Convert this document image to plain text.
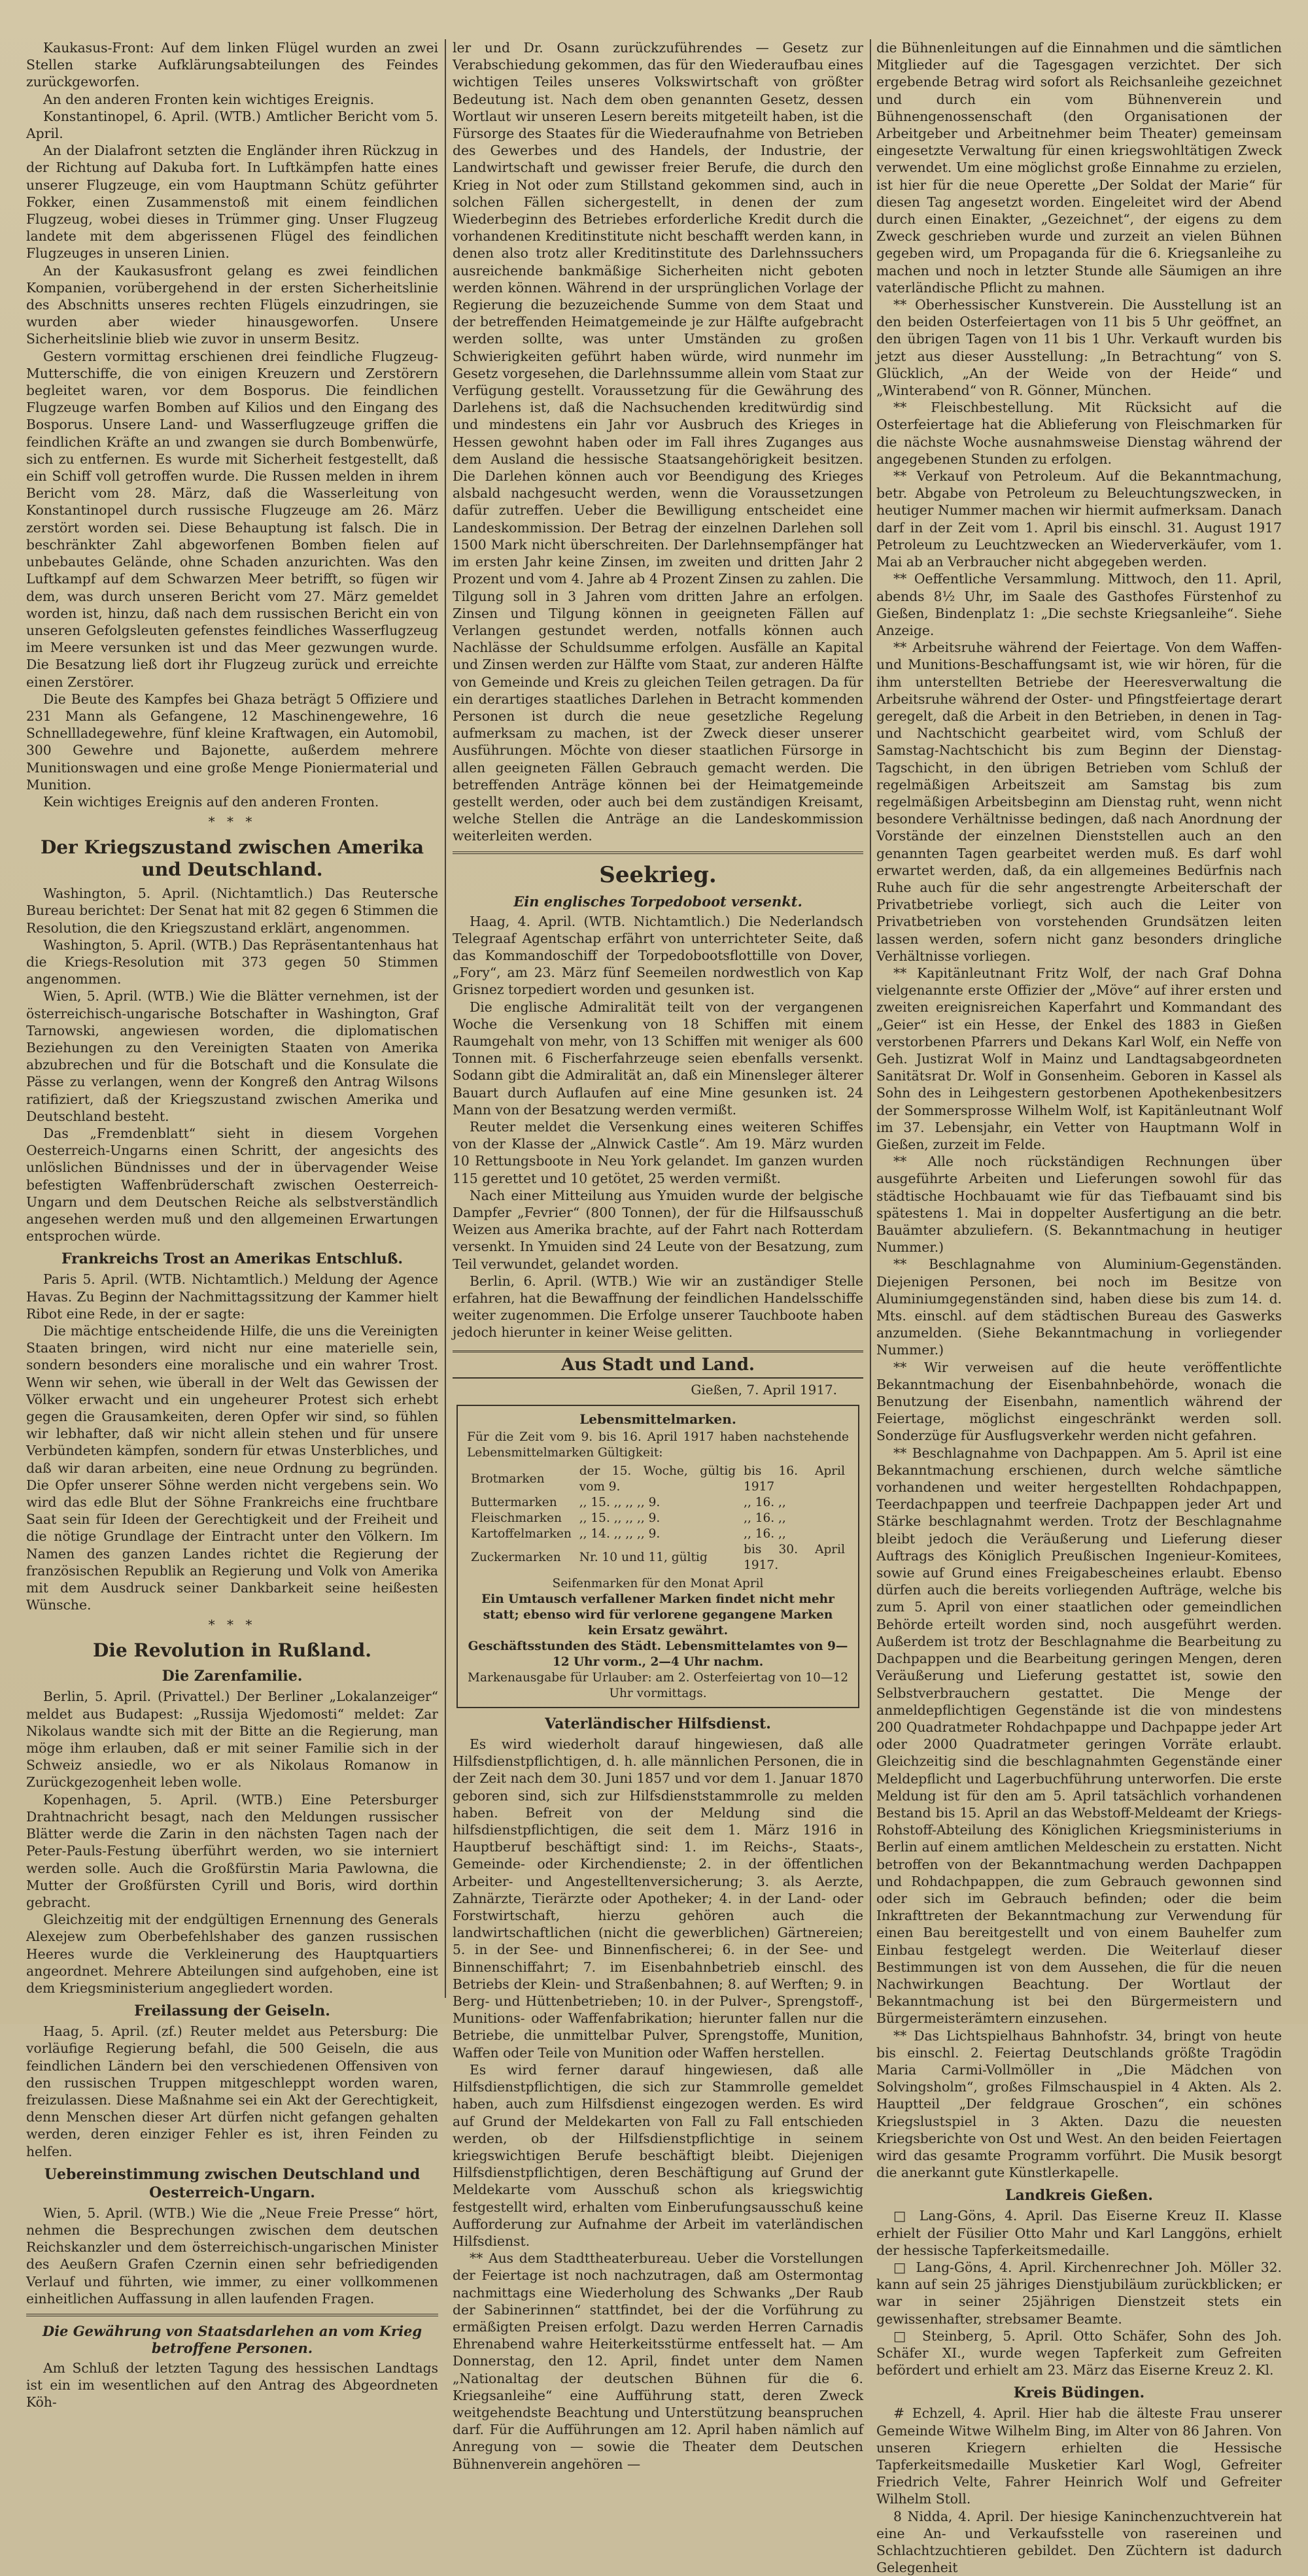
Kaukasus-Front: Auf dem linken Flügel wurden an zwei Stellen starke Aufklärungsabteilungen des Feindes zurückgeworfen.

An den anderen Fronten kein wichtiges Ereignis.

Konstantinopel, 6. April. (WTB.) Amtlicher Bericht vom 5. April.

An der Dialafront setzten die Engländer ihren Rückzug in der Richtung auf Dakuba fort. In Luftkämpfen hatte eines unserer Flugzeuge, ein vom Hauptmann Schütz geführter Fokker, einen Zusammenstoß mit einem feindlichen Flugzeug, wobei dieses in Trümmer ging. Unser Flugzeug landete mit dem abgerissenen Flügel des feindlichen Flugzeuges in unseren Linien.

An der Kaukasusfront gelang es zwei feindlichen Kompanien, vorübergehend in der ersten Sicherheitslinie des Abschnitts unseres rechten Flügels einzudringen, sie wurden aber wieder hinausgeworfen. Unsere Sicherheitslinie blieb wie zuvor in unserm Besitz.

Gestern vormittag erschienen drei feindliche Flugzeug-Mutterschiffe, die von einigen Kreuzern und Zerstörern begleitet waren, vor dem Bosporus. Die feindlichen Flugzeuge warfen Bomben auf Kilios und den Eingang des Bosporus. Unsere Land- und Wasserflugzeuge griffen die feindlichen Kräfte an und zwangen sie durch Bombenwürfe, sich zu entfernen. Es wurde mit Sicherheit festgestellt, daß ein Schiff voll getroffen wurde. Die Russen melden in ihrem Bericht vom 28. März, daß die Wasserleitung von Konstantinopel durch russische Flugzeuge am 26. März zerstört worden sei. Diese Behauptung ist falsch. Die in beschränkter Zahl abgeworfenen Bomben fielen auf unbebautes Gelände, ohne Schaden anzurichten. Was den Luftkampf auf dem Schwarzen Meer betrifft, so fügen wir dem, was durch unseren Bericht vom 27. März gemeldet worden ist, hinzu, daß nach dem russischen Bericht ein von unseren Gefolgsleuten gefenstes feindliches Wasserflugzeug im Meere versunken ist und das Meer gezwungen wurde. Die Besatzung ließ dort ihr Flugzeug zurück und erreichte einen Zerstörer.

Die Beute des Kampfes bei Ghaza beträgt 5 Offiziere und 231 Mann als Gefangene, 12 Maschinengewehre, 16 Schnellladegewehre, fünf kleine Kraftwagen, ein Automobil, 300 Gewehre und Bajonette, außerdem mehrere Munitionswagen und eine große Menge Pioniermaterial und Munition.

Kein wichtiges Ereignis auf den anderen Fronten.

* * *
Der Kriegszustand zwischen Amerika und Deutschland.

Washington, 5. April. (Nichtamtlich.) Das Reutersche Bureau berichtet: Der Senat hat mit 82 gegen 6 Stimmen die Resolution, die den Kriegszustand erklärt, angenommen.

Washington, 5. April. (WTB.) Das Repräsentantenhaus hat die Kriegs-Resolution mit 373 gegen 50 Stimmen angenommen.

Wien, 5. April. (WTB.) Wie die Blätter vernehmen, ist der österreichisch-ungarische Botschafter in Washington, Graf Tarnowski, angewiesen worden, die diplomatischen Beziehungen zu den Vereinigten Staaten von Amerika abzubrechen und für die Botschaft und die Konsulate die Pässe zu verlangen, wenn der Kongreß den Antrag Wilsons ratifiziert, daß der Kriegszustand zwischen Amerika und Deutschland besteht.

Das „Fremdenblatt“ sieht in diesem Vorgehen Oesterreich-Ungarns einen Schritt, der angesichts des unlöslichen Bündnisses und der in übervagender Weise befestigten Waffenbrüderschaft zwischen Oesterreich-Ungarn und dem Deutschen Reiche als selbstverständlich angesehen werden muß und den allgemeinen Erwartungen entsprochen würde.

Frankreichs Trost an Amerikas Entschluß.

Paris 5. April. (WTB. Nichtamtlich.) Meldung der Agence Havas. Zu Beginn der Nachmittagssitzung der Kammer hielt Ribot eine Rede, in der er sagte:

Die mächtige entscheidende Hilfe, die uns die Vereinigten Staaten bringen, wird nicht nur eine materielle sein, sondern besonders eine moralische und ein wahrer Trost. Wenn wir sehen, wie überall in der Welt das Gewissen der Völker erwacht und ein ungeheurer Protest sich erhebt gegen die Grausamkeiten, deren Opfer wir sind, so fühlen wir lebhafter, daß wir nicht allein stehen und für unsere Verbündeten kämpfen, sondern für etwas Unsterbliches, und daß wir daran arbeiten, eine neue Ordnung zu begründen. Die Opfer unserer Söhne werden nicht vergebens sein. Wo wird das edle Blut der Söhne Frankreichs eine fruchtbare Saat sein für Ideen der Gerechtigkeit und der Freiheit und die nötige Grundlage der Eintracht unter den Völkern. Im Namen des ganzen Landes richtet die Regierung der französischen Republik an Regierung und Volk von Amerika mit dem Ausdruck seiner Dankbarkeit seine heißesten Wünsche.

* * *
Die Revolution in Rußland.
Die Zarenfamilie.

Berlin, 5. April. (Privattel.) Der Berliner „Lokalanzeiger“ meldet aus Budapest: „Russija Wjedomosti“ meldet: Zar Nikolaus wandte sich mit der Bitte an die Regierung, man möge ihm erlauben, daß er mit seiner Familie sich in der Schweiz ansiedle, wo er als Nikolaus Romanow in Zurückgezogenheit leben wolle.

Kopenhagen, 5. April. (WTB.) Eine Petersburger Drahtnachricht besagt, nach den Meldungen russischer Blätter werde die Zarin in den nächsten Tagen nach der Peter-Pauls-Festung überführt werden, wo sie interniert werden solle. Auch die Großfürstin Maria Pawlowna, die Mutter der Großfürsten Cyrill und Boris, wird dorthin gebracht.

Gleichzeitig mit der endgültigen Ernennung des Generals Alexejew zum Oberbefehlshaber des ganzen russischen Heeres wurde die Verkleinerung des Hauptquartiers angeordnet. Mehrere Abteilungen sind aufgehoben, eine ist dem Kriegsministerium angegliedert worden.

Freilassung der Geiseln.

Haag, 5. April. (zf.) Reuter meldet aus Petersburg: Die vorläufige Regierung befahl, die 500 Geiseln, die aus feindlichen Ländern bei den verschiedenen Offensiven von den russischen Truppen mitgeschleppt worden waren, freizulassen. Diese Maßnahme sei ein Akt der Gerechtigkeit, denn Menschen dieser Art dürfen nicht gefangen gehalten werden, deren einziger Fehler es ist, ihren Feinden zu helfen.

Uebereinstimmung zwischen Deutschland und Oesterreich-Ungarn.

Wien, 5. April. (WTB.) Wie die „Neue Freie Presse“ hört, nehmen die Besprechungen zwischen dem deutschen Reichskanzler und dem österreichisch-ungarischen Minister des Aeußern Grafen Czernin einen sehr befriedigenden Verlauf und führten, wie immer, zu einer vollkommenen einheitlichen Auffassung in allen laufenden Fragen.

Die Gewährung von Staatsdarlehen an vom Krieg betroffene Personen.

Am Schluß der letzten Tagung des hessischen Landtags ist ein im wesentlichen auf den Antrag des Abgeordneten Köh-

ler und Dr. Osann zurückzuführendes — Gesetz zur Verabschiedung gekommen, das für den Wiederaufbau eines wichtigen Teiles unseres Volkswirtschaft von größter Bedeutung ist. Nach dem oben genannten Gesetz, dessen Wortlaut wir unseren Lesern bereits mitgeteilt haben, ist die Fürsorge des Staates für die Wiederaufnahme von Betrieben des Gewerbes und des Handels, der Industrie, der Landwirtschaft und gewisser freier Berufe, die durch den Krieg in Not oder zum Stillstand gekommen sind, auch in solchen Fällen sichergestellt, in denen der zum Wiederbeginn des Betriebes erforderliche Kredit durch die vorhandenen Kreditinstitute nicht beschafft werden kann, in denen also trotz aller Kreditinstitute des Darlehnssuchers ausreichende bankmäßige Sicherheiten nicht geboten werden können. Während in der ursprünglichen Vorlage der Regierung die bezuzeichende Summe von dem Staat und der betreffenden Heimatgemeinde je zur Hälfte aufgebracht werden sollte, was unter Umständen zu großen Schwierigkeiten geführt haben würde, wird nunmehr im Gesetz vorgesehen, die Darlehnssumme allein vom Staat zur Verfügung gestellt. Voraussetzung für die Gewährung des Darlehens ist, daß die Nachsuchenden kreditwürdig sind und mindestens ein Jahr vor Ausbruch des Krieges in Hessen gewohnt haben oder im Fall ihres Zuganges aus dem Ausland die hessische Staatsangehörigkeit besitzen. Die Darlehen können auch vor Beendigung des Krieges alsbald nachgesucht werden, wenn die Voraussetzungen dafür zutreffen. Ueber die Bewilligung entscheidet eine Landeskommission. Der Betrag der einzelnen Darlehen soll 1500 Mark nicht überschreiten. Der Darlehnsempfänger hat im ersten Jahr keine Zinsen, im zweiten und dritten Jahr 2 Prozent und vom 4. Jahre ab 4 Prozent Zinsen zu zahlen. Die Tilgung soll in 3 Jahren vom dritten Jahre an erfolgen. Zinsen und Tilgung können in geeigneten Fällen auf Verlangen gestundet werden, notfalls können auch Nachlässe der Schuldsumme erfolgen. Ausfälle an Kapital und Zinsen werden zur Hälfte vom Staat, zur anderen Hälfte von Gemeinde und Kreis zu gleichen Teilen getragen. Da für ein derartiges staatliches Darlehen in Betracht kommenden Personen ist durch die neue gesetzliche Regelung aufmerksam zu machen, ist der Zweck dieser unserer Ausführungen. Möchte von dieser staatlichen Fürsorge in allen geeigneten Fällen Gebrauch gemacht werden. Die betreffenden Anträge können bei der Heimatgemeinde gestellt werden, oder auch bei dem zuständigen Kreisamt, welche Stellen die Anträge an die Landeskommission weiterleiten werden.

Seekrieg.
Ein englisches Torpedoboot versenkt.

Haag, 4. April. (WTB. Nichtamtlich.) Die Nederlandsch Telegraaf Agentschap erfährt von unterrichteter Seite, daß das Kommandoschiff der Torpedobootsflottille von Dover, „Fory“, am 23. März fünf Seemeilen nordwestlich von Kap Grisnez torpediert worden und gesunken ist.

Die englische Admiralität teilt von der vergangenen Woche die Versenkung von 18 Schiffen mit einem Raumgehalt von mehr, von 13 Schiffen mit weniger als 600 Tonnen mit. 6 Fischerfahrzeuge seien ebenfalls versenkt. Sodann gibt die Admiralität an, daß ein Minensleger älterer Bauart durch Auflaufen auf eine Mine gesunken ist. 24 Mann von der Besatzung werden vermißt.

Reuter meldet die Versenkung eines weiteren Schiffes von der Klasse der „Alnwick Castle“. Am 19. März wurden 10 Rettungsboote in Neu York gelandet. Im ganzen wurden 115 gerettet und 10 getötet, 25 werden vermißt.

Nach einer Mitteilung aus Ymuiden wurde der belgische Dampfer „Fevrier“ (800 Tonnen), der für die Hilfsausschuß Weizen aus Amerika brachte, auf der Fahrt nach Rotterdam versenkt. In Ymuiden sind 24 Leute von der Besatzung, zum Teil verwundet, gelandet worden.

Berlin, 6. April. (WTB.) Wie wir an zuständiger Stelle erfahren, hat die Bewaffnung der feindlichen Handelsschiffe weiter zugenommen. Die Erfolge unserer Tauchboote haben jedoch hierunter in keiner Weise gelitten.

Aus Stadt und Land.
Gießen, 7. April 1917.
Lebensmittelmarken.
Für die Zeit vom 9. bis 16. April 1917 haben nachstehende Lebensmittelmarken Gültigkeit:
Brotmarken	der 15. Woche, gültig vom 9.	bis 16. April 1917
Buttermarken	,, 15. ,, ,, ,, 9.	,, 16. ,,
Fleischmarken	,, 15. ,, ,, ,, 9.	,, 16. ,,
Kartoffelmarken	,, 14. ,, ,, ,, 9.	,, 16. ,,
Zuckermarken	Nr. 10 und 11, gültig	bis 30. April 1917.
Seifenmarken für den Monat April
Ein Umtausch verfallener Marken findet nicht mehr statt; ebenso wird für verlorene gegangene Marken kein Ersatz gewährt.
Geschäftsstunden des Städt. Lebensmittelamtes von 9—12 Uhr vorm., 2—4 Uhr nachm.
Markenausgabe für Urlauber: am 2. Osterfeiertag von 10—12 Uhr vormittags.
Vaterländischer Hilfsdienst.

Es wird wiederholt darauf hingewiesen, daß alle Hilfsdienstpflichtigen, d. h. alle männlichen Personen, die in der Zeit nach dem 30. Juni 1857 und vor dem 1. Januar 1870 geboren sind, sich zur Hilfsdienststammrolle zu melden haben. Befreit von der Meldung sind die hilfsdienstpflichtigen, die seit dem 1. März 1916 in Hauptberuf beschäftigt sind: 1. im Reichs-, Staats-, Gemeinde- oder Kirchendienste; 2. in der öffentlichen Arbeiter- und Angestelltenversicherung; 3. als Aerzte, Zahnärzte, Tierärzte oder Apotheker; 4. in der Land- oder Forstwirtschaft, hierzu gehören auch die landwirtschaftlichen (nicht die gewerblichen) Gärtnereien; 5. in der See- und Binnenfischerei; 6. in der See- und Binnenschiffahrt; 7. im Eisenbahnbetrieb einschl. des Betriebs der Klein- und Straßenbahnen; 8. auf Werften; 9. in Berg- und Hüttenbetrieben; 10. in der Pulver-, Sprengstoff-, Munitions- oder Waffenfabrikation; hierunter fallen nur die Betriebe, die unmittelbar Pulver, Sprengstoffe, Munition, Waffen oder Teile von Munition oder Waffen herstellen.

Es wird ferner darauf hingewiesen, daß alle Hilfsdienstpflichtigen, die sich zur Stammrolle gemeldet haben, auch zum Hilfsdienst eingezogen werden. Es wird auf Grund der Meldekarten von Fall zu Fall entschieden werden, ob der Hilfsdienstpflichtige in seinem kriegswichtigen Berufe beschäftigt bleibt. Diejenigen Hilfsdienstpflichtigen, deren Beschäftigung auf Grund der Meldekarte vom Ausschuß schon als kriegswichtig festgestellt wird, erhalten vom Einberufungsausschuß keine Aufforderung zur Aufnahme der Arbeit im vaterländischen Hilfsdienst.

** Aus dem Stadttheaterbureau. Ueber die Vorstellungen der Feiertage ist noch nachzutragen, daß am Ostermontag nachmittags eine Wiederholung des Schwanks „Der Raub der Sabinerinnen“ stattfindet, bei der die Vorführung zu ermäßigten Preisen erfolgt. Dazu werden Herren Carnadis Ehrenabend wahre Heiterkeitsstürme entfesselt hat. — Am Donnerstag, den 12. April, findet unter dem Namen „Nationaltag der deutschen Bühnen für die 6. Kriegsanleihe“ eine Aufführung statt, deren Zweck weitgehendste Beachtung und Unterstützung beanspruchen darf. Für die Aufführungen am 12. April haben nämlich auf Anregung von — sowie die Theater dem Deutschen Bühnenverein angehören —

die Bühnenleitungen auf die Einnahmen und die sämtlichen Mitglieder auf die Tagesgagen verzichtet. Der sich ergebende Betrag wird sofort als Reichsanleihe gezeichnet und durch ein vom Bühnenverein und Bühnengenossenschaft (den Organisationen der Arbeitgeber und Arbeitnehmer beim Theater) gemeinsam eingesetzte Verwaltung für einen kriegswohltätigen Zweck verwendet. Um eine möglichst große Einnahme zu erzielen, ist hier für die neue Operette „Der Soldat der Marie“ für diesen Tag angesetzt worden. Eingeleitet wird der Abend durch einen Einakter, „Gezeichnet“, der eigens zu dem Zweck geschrieben wurde und zurzeit an vielen Bühnen gegeben wird, um Propaganda für die 6. Kriegsanleihe zu machen und noch in letzter Stunde alle Säumigen an ihre vaterländische Pflicht zu mahnen.

** Oberhessischer Kunstverein. Die Ausstellung ist an den beiden Osterfeiertagen von 11 bis 5 Uhr geöffnet, an den übrigen Tagen von 11 bis 1 Uhr. Verkauft wurden bis jetzt aus dieser Ausstellung: „In Betrachtung“ von S. Glücklich, „An der Weide von der Heide“ und „Winterabend“ von R. Gönner, München.

** Fleischbestellung. Mit Rücksicht auf die Osterfeiertage hat die Ablieferung von Fleischmarken für die nächste Woche ausnahmsweise Dienstag während der angegebenen Stunden zu erfolgen.

** Verkauf von Petroleum. Auf die Bekanntmachung, betr. Abgabe von Petroleum zu Beleuchtungszwecken, in heutiger Nummer machen wir hiermit aufmerksam. Danach darf in der Zeit vom 1. April bis einschl. 31. August 1917 Petroleum zu Leuchtzwecken an Wiederverkäufer, vom 1. Mai ab an Verbraucher nicht abgegeben werden.

** Oeffentliche Versammlung. Mittwoch, den 11. April, abends 8½ Uhr, im Saale des Gasthofes Fürstenhof zu Gießen, Bindenplatz 1: „Die sechste Kriegsanleihe“. Siehe Anzeige.

** Arbeitsruhe während der Feiertage. Von dem Waffen- und Munitions-Beschaffungsamt ist, wie wir hören, für die ihm unterstellten Betriebe der Heeresverwaltung die Arbeitsruhe während der Oster- und Pfingstfeiertage derart geregelt, daß die Arbeit in den Betrieben, in denen in Tag- und Nachtschicht gearbeitet wird, vom Schluß der Samstag-Nachtschicht bis zum Beginn der Dienstag-Tagschicht, in den übrigen Betrieben vom Schluß der regelmäßigen Arbeitszeit am Samstag bis zum regelmäßigen Arbeitsbeginn am Dienstag ruht, wenn nicht besondere Verhältnisse bedingen, daß nach Anordnung der Vorstände der einzelnen Dienststellen auch an den genannten Tagen gearbeitet werden muß. Es darf wohl erwartet werden, daß, da ein allgemeines Bedürfnis nach Ruhe auch für die sehr angestrengte Arbeiterschaft der Privatbetriebe vorliegt, sich auch die Leiter von Privatbetrieben von vorstehenden Grundsätzen leiten lassen werden, sofern nicht ganz besonders dringliche Verhältnisse vorliegen.

** Kapitänleutnant Fritz Wolf, der nach Graf Dohna vielgenannte erste Offizier der „Möve“ auf ihrer ersten und zweiten ereignisreichen Kaperfahrt und Kommandant des „Geier“ ist ein Hesse, der Enkel des 1883 in Gießen verstorbenen Pfarrers und Dekans Karl Wolf, ein Neffe von Geh. Justizrat Wolf in Mainz und Landtagsabgeordneten Sanitätsrat Dr. Wolf in Gonsenheim. Geboren in Kassel als Sohn des in Leihgestern gestorbenen Apothekenbesitzers der Sommersprosse Wilhelm Wolf, ist Kapitänleutnant Wolf im 37. Lebensjahr, ein Vetter von Hauptmann Wolf in Gießen, zurzeit im Felde.

** Alle noch rückständigen Rechnungen über ausgeführte Arbeiten und Lieferungen sowohl für das städtische Hochbauamt wie für das Tiefbauamt sind bis spätestens 1. Mai in doppelter Ausfertigung an die betr. Bauämter abzuliefern. (S. Bekanntmachung in heutiger Nummer.)

** Beschlagnahme von Aluminium-Gegenständen. Diejenigen Personen, bei noch im Besitze von Aluminiumgegenständen sind, haben diese bis zum 14. d. Mts. einschl. auf dem städtischen Bureau des Gaswerks anzumelden. (Siehe Bekanntmachung in vorliegender Nummer.)

** Wir verweisen auf die heute veröffentlichte Bekanntmachung der Eisenbahnbehörde, wonach die Benutzung der Eisenbahn, namentlich während der Feiertage, möglichst eingeschränkt werden soll. Sonderzüge für Ausflugsverkehr werden nicht gefahren.

** Beschlagnahme von Dachpappen. Am 5. April ist eine Bekanntmachung erschienen, durch welche sämtliche vorhandenen und weiter hergestellten Rohdachpappen, Teerdachpappen und teerfreie Dachpappen jeder Art und Stärke beschlagnahmt werden. Trotz der Beschlagnahme bleibt jedoch die Veräußerung und Lieferung dieser Auftrags des Königlich Preußischen Ingenieur-Komitees, sowie auf Grund eines Freigabescheines erlaubt. Ebenso dürfen auch die bereits vorliegenden Aufträge, welche bis zum 5. April von einer staatlichen oder gemeindlichen Behörde erteilt worden sind, noch ausgeführt werden. Außerdem ist trotz der Beschlagnahme die Bearbeitung zu Dachpappen und die Bearbeitung geringen Mengen, deren Veräußerung und Lieferung gestattet ist, sowie den Selbstverbrauchern gestattet. Die Menge der anmeldepflichtigen Gegenstände ist die von mindestens 200 Quadratmeter Rohdachpappe und Dachpappe jeder Art oder 2000 Quadratmeter geringen Vorräte erlaubt. Gleichzeitig sind die beschlagnahmten Gegenstände einer Meldepflicht und Lagerbuchführung unterworfen. Die erste Meldung ist für den am 5. April tatsächlich vorhandenen Bestand bis 15. April an das Webstoff-Meldeamt der Kriegs-Rohstoff-Abteilung des Königlichen Kriegsministeriums in Berlin auf einem amtlichen Meldeschein zu erstatten. Nicht betroffen von der Bekanntmachung werden Dachpappen und Rohdachpappen, die zum Gebrauch gewonnen sind oder sich im Gebrauch befinden; oder die beim Inkrafttreten der Bekanntmachung zur Verwendung für einen Bau bereitgestellt und von einem Bauhelfer zum Einbau festgelegt werden. Die Weiterlauf dieser Bestimmungen ist von dem Aussehen, die für die neuen Nachwirkungen Beachtung. Der Wortlaut der Bekanntmachung ist bei den Bürgermeistern und Bürgermeisterämtern einzusehen.

** Das Lichtspielhaus Bahnhofstr. 34, bringt von heute bis einschl. 2. Feiertag Deutschlands größte Tragödin Maria Carmi-Vollmöller in „Die Mädchen von Solvingsholm“, großes Filmschauspiel in 4 Akten. Als 2. Hauptteil „Der feldgraue Groschen“, ein schönes Kriegslustspiel in 3 Akten. Dazu die neuesten Kriegsberichte von Ost und West. An den beiden Feiertagen wird das gesamte Programm vorführt. Die Musik besorgt die anerkannt gute Künstlerkapelle.

Landkreis Gießen.

□ Lang-Göns, 4. April. Das Eiserne Kreuz II. Klasse erhielt der Füsilier Otto Mahr und Karl Langgöns, erhielt der hessische Tapferkeitsmedaille.

□ Lang-Göns, 4. April. Kirchenrechner Joh. Möller 32. kann auf sein 25 jähriges Dienstjubiläum zurückblicken; er war in seiner 25jährigen Dienstzeit stets ein gewissenhafter, strebsamer Beamte.

□ Steinberg, 5. April. Otto Schäfer, Sohn des Joh. Schäfer XI., wurde wegen Tapferkeit zum Gefreiten befördert und erhielt am 23. März das Eiserne Kreuz 2. Kl.

Kreis Büdingen.

# Echzell, 4. April. Hier hab die älteste Frau unserer Gemeinde Witwe Wilhelm Bing, im Alter von 86 Jahren. Von unseren Kriegern erhielten die Hessische Tapferkeitsmedaille Musketier Karl Wogl, Gefreiter Friedrich Velte, Fahrer Heinrich Wolf und Gefreiter Wilhelm Stoll.

8 Nidda, 4. April. Der hiesige Kaninchenzuchtverein hat eine An- und Verkaufsstelle von rasereinen und Schlachtzuchtieren gebildet. Den Züchtern ist dadurch Gelegenheit
